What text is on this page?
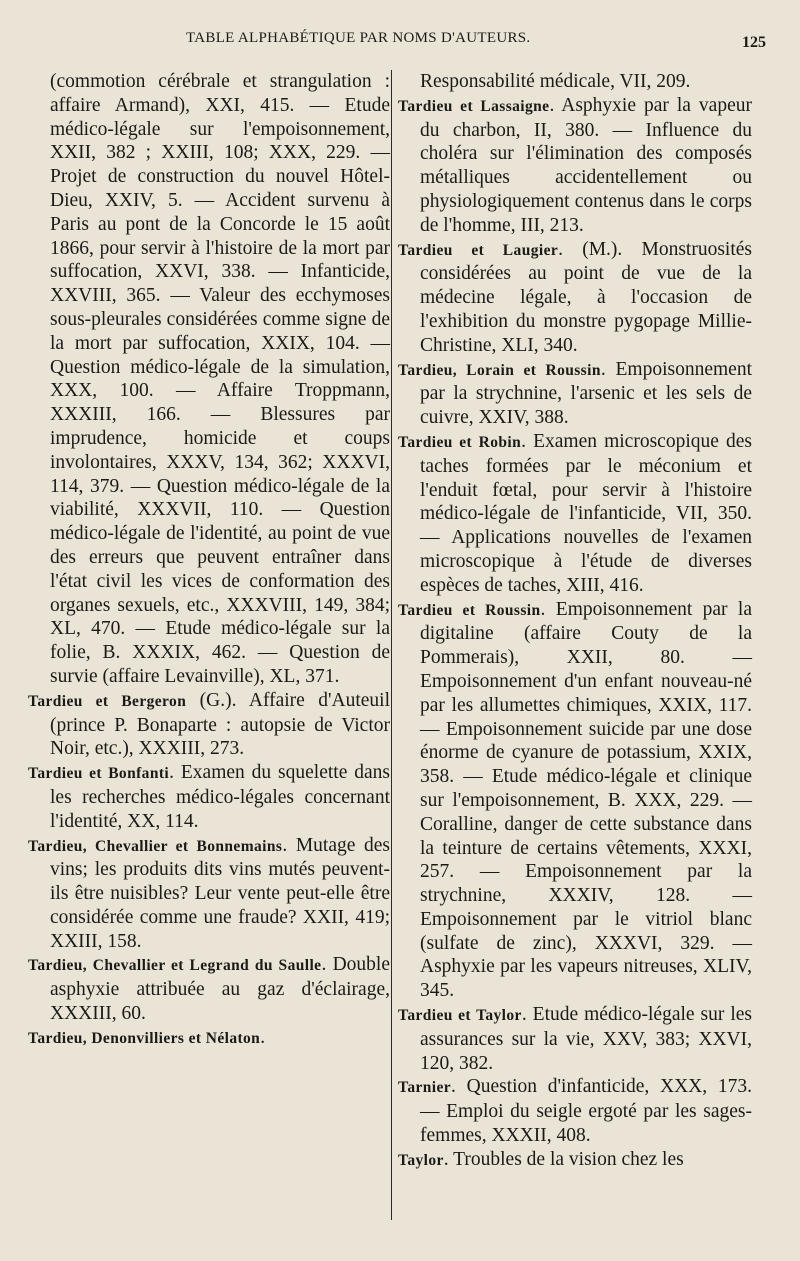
TABLE ALPHABÉTIQUE PAR NOMS D'AUTEURS.	125

(commotion cérébrale et strangulation : affaire Armand), XXI, 415. — Etude médico-légale sur l'empoisonnement, XXII, 382 ; XXIII, 108; XXX, 229. — Projet de construction du nouvel Hôtel-Dieu, XXIV, 5. — Accident survenu à Paris au pont de la Concorde le 15 août 1866, pour servir à l'histoire de la mort par suffocation, XXVI, 338. — Infanticide, XXVIII, 365. — Valeur des ecchymoses sous-pleurales considérées comme signe de la mort par suffocation, XXIX, 104. — Question médico-légale de la simulation, XXX, 100. — Affaire Troppmann, XXXIII, 166. — Blessures par imprudence, homicide et coups involontaires, XXXV, 134, 362; XXXVI, 114, 379. — Question médico-légale de la viabilité, XXXVII, 110. — Question médico-légale de l'identité, au point de vue des erreurs que peuvent entraîner dans l'état civil les vices de conformation des organes sexuels, etc., XXXVIII, 149, 384; XL, 470. — Etude médico-légale sur la folie, B. XXXIX, 462. — Question de survie (affaire Levainville), XL, 371.

Tardieu et Bergeron (G.). Affaire d'Auteuil (prince P. Bonaparte : autopsie de Victor Noir, etc.), XXXIII, 273.

Tardieu et Bonfanti. Examen du squelette dans les recherches médico-légales concernant l'identité, XX, 114.

Tardieu, Chevallier et Bonnemains. Mutage des vins; les produits dits vins mutés peuvent-ils être nuisibles? Leur vente peut-elle être considérée comme une fraude? XXII, 419; XXIII, 158.

Tardieu, Chevallier et Legrand du Saulle. Double asphyxie attribuée au gaz d'éclairage, XXXIII, 60.

Tardieu, Denonvilliers et Nélaton.

Responsabilité médicale, VII, 209.

Tardieu et Lassaigne. Asphyxie par la vapeur du charbon, II, 380. — Influence du choléra sur l'élimination des composés métalliques accidentellement ou physiologiquement contenus dans le corps de l'homme, III, 213.

Tardieu et Laugier. (M.). Monstruosités considérées au point de vue de la médecine légale, à l'occasion de l'exhibition du monstre pygopage Millie-Christine, XLI, 340.

Tardieu, Lorain et Roussin. Empoisonnement par la strychnine, l'arsenic et les sels de cuivre, XXIV, 388.

Tardieu et Robin. Examen microscopique des taches formées par le méconium et l'enduit fœtal, pour servir à l'histoire médico-légale de l'infanticide, VII, 350. — Applications nouvelles de l'examen microscopique à l'étude de diverses espèces de taches, XIII, 416.

Tardieu et Roussin. Empoisonnement par la digitaline (affaire Couty de la Pommerais), XXII, 80. — Empoisonnement d'un enfant nouveau-né par les allumettes chimiques, XXIX, 117. — Empoisonnement suicide par une dose énorme de cyanure de potassium, XXIX, 358. — Etude médico-légale et clinique sur l'empoisonnement, B. XXX, 229. — Coralline, danger de cette substance dans la teinture de certains vêtements, XXXI, 257. — Empoisonnement par la strychnine, XXXIV, 128. — Empoisonnement par le vitriol blanc (sulfate de zinc), XXXVI, 329. — Asphyxie par les vapeurs nitreuses, XLIV, 345.

Tardieu et Taylor. Etude médico-légale sur les assurances sur la vie, XXV, 383; XXVI, 120, 382.

Tarnier. Question d'infanticide, XXX, 173. — Emploi du seigle ergoté par les sages-femmes, XXXII, 408.

Taylor. Troubles de la vision chez les
